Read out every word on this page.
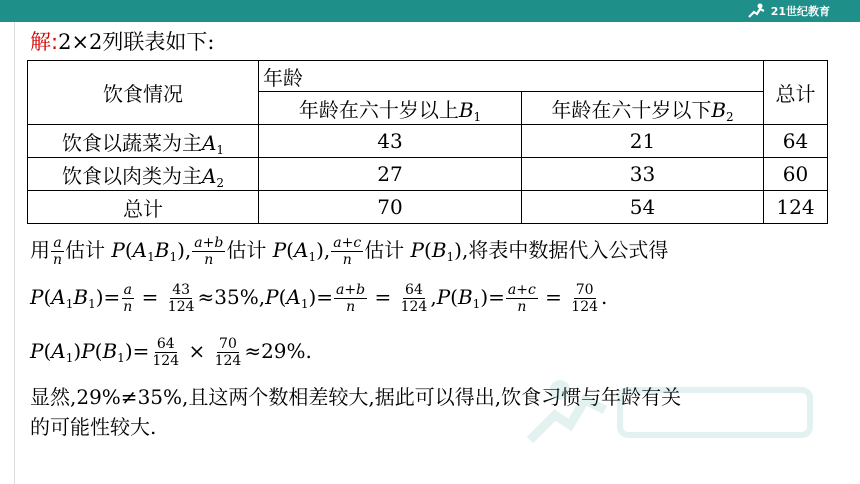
21世纪教育
解:2×2列联表如下:
饮食情况	年龄		总计
	年龄在六十岁以上$B_1$	年龄在六十岁以下$B_2$
饮食以蔬菜为主$A_1$	43	21	64
饮食以肉类为主$A_2$	27	33	60
总计	70	54	124
用 $\frac{a}{n}$ 估计 $P(A_1B_1)$, $\frac{a+b}{n}$ 估计 $P(A_1)$, $\frac{a+c}{n}$ 估计 $P(B_1)$,将表中数据代入公式得
$P(A_1B_1)= \frac{a}{n} = \frac{43}{124} \approx 35\%,P(A_1)= \frac{a+b}{n} = \frac{64}{124} ,P(B_1)= \frac{a+c}{n} = \frac{70}{124}$ .
$P(A_1)P(B_1)= \frac{64}{124} \times \frac{70}{124} \approx 29\%$.
显然,29%≠35%,且这两个数相差较大,据此可以得出,饮食习惯与年龄有关
的可能性较大.
